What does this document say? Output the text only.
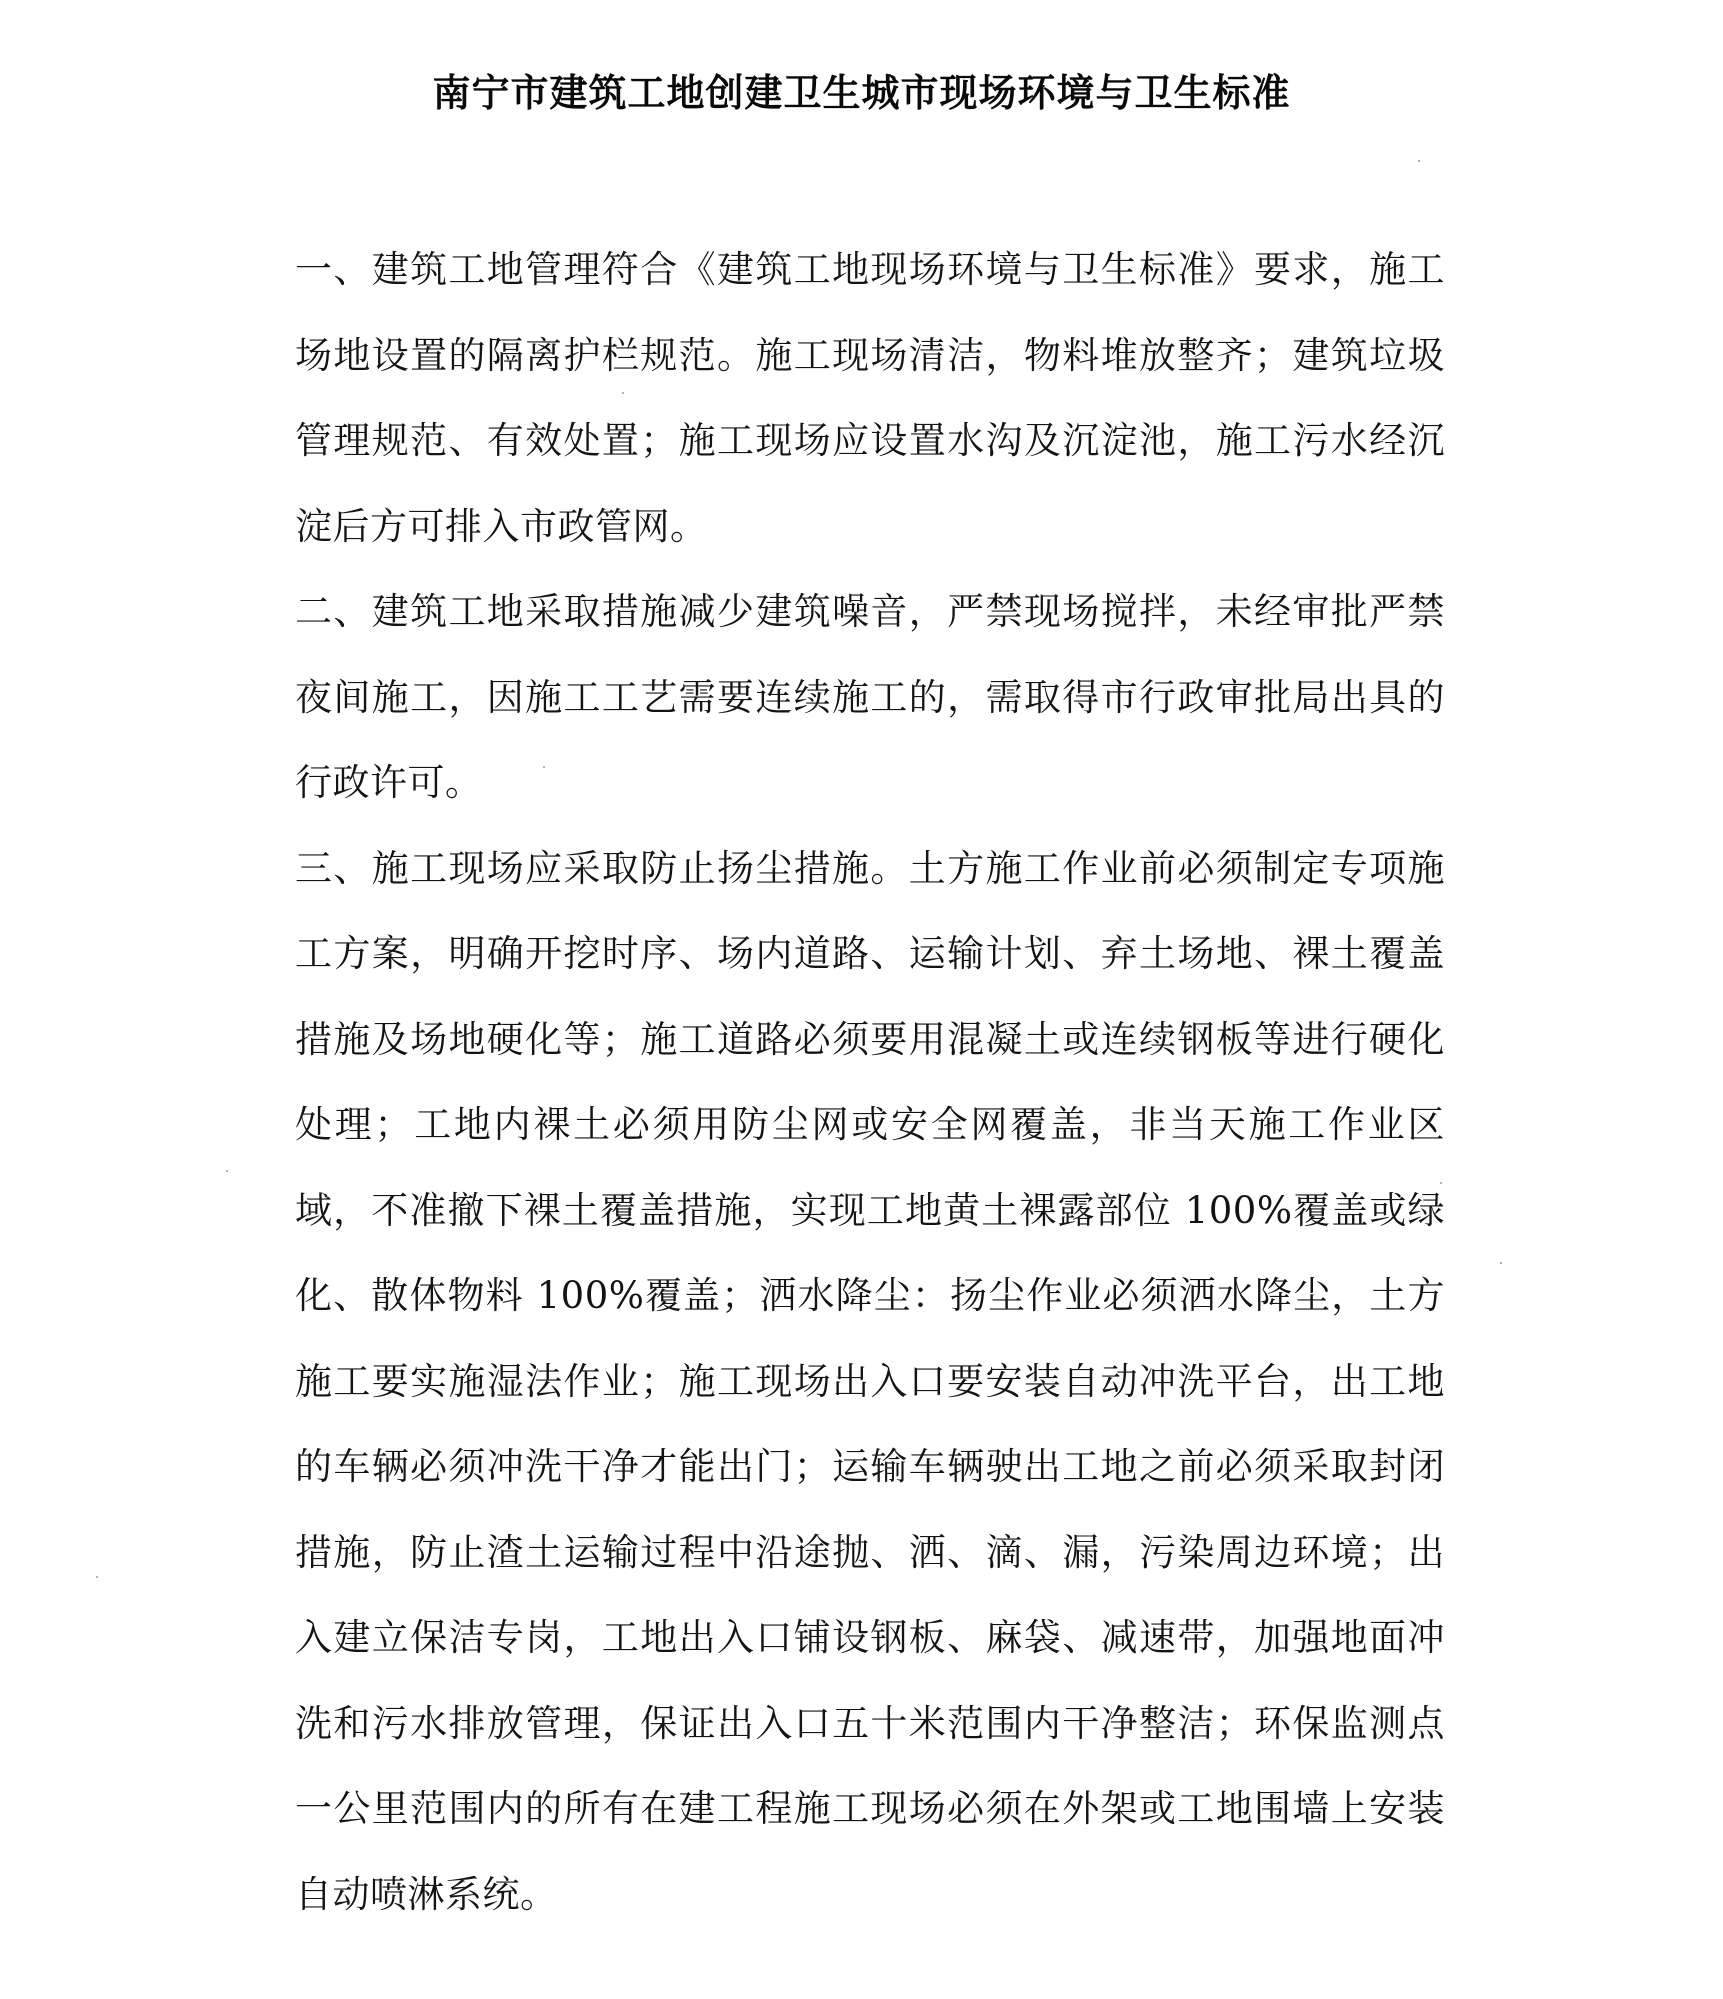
南宁市建筑工地创建卫生城市现场环境与卫生标准

一、建筑工地管理符合《建筑工地现场环境与卫生标准》要求，施工场地设置的隔离护栏规范。施工现场清洁，物料堆放整齐；建筑垃圾管理规范、有效处置；施工现场应设置水沟及沉淀池，施工污水经沉淀后方可排入市政管网。

二、建筑工地采取措施减少建筑噪音，严禁现场搅拌，未经审批严禁夜间施工，因施工工艺需要连续施工的，需取得市行政审批局出具的行政许可。

三、施工现场应采取防止扬尘措施。土方施工作业前必须制定专项施工方案，明确开挖时序、场内道路、运输计划、弃土场地、裸土覆盖措施及场地硬化等；施工道路必须要用混凝土或连续钢板等进行硬化处理；工地内裸土必须用防尘网或安全网覆盖，非当天施工作业区域，不准撤下裸土覆盖措施，实现工地黄土裸露部位 100%覆盖或绿化、散体物料 100%覆盖；洒水降尘：扬尘作业必须洒水降尘，土方施工要实施湿法作业；施工现场出入口要安装自动冲洗平台，出工地的车辆必须冲洗干净才能出门；运输车辆驶出工地之前必须采取封闭措施，防止渣土运输过程中沿途抛、洒、滴、漏，污染周边环境；出入建立保洁专岗，工地出入口铺设钢板、麻袋、减速带，加强地面冲洗和污水排放管理，保证出入口五十米范围内干净整洁；环保监测点一公里范围内的所有在建工程施工现场必须在外架或工地围墙上安装自动喷淋系统。
